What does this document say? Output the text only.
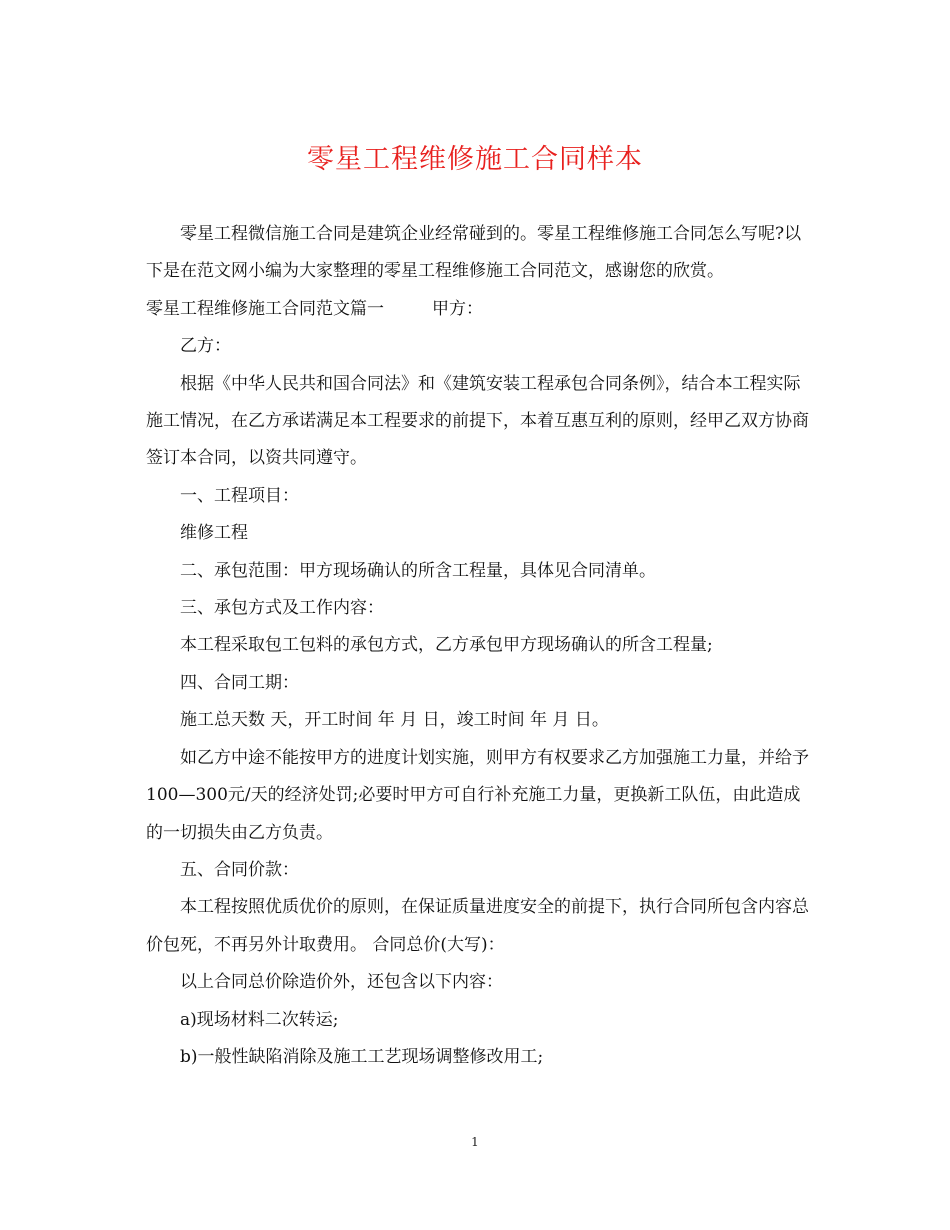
零星工程维修施工合同样本

零星工程微信施工合同是建筑企业经常碰到的。零星工程维修施工合同怎么写呢?以下是在范文网小编为大家整理的零星工程维修施工合同范文，感谢您的欣赏。

零星工程维修施工合同范文篇一	甲方：

乙方：

根据《中华人民共和国合同法》和《建筑安装工程承包合同条例》，结合本工程实际施工情况，在乙方承诺满足本工程要求的前提下，本着互惠互利的原则，经甲乙双方协商签订本合同，以资共同遵守。

一、工程项目：

维修工程

二、承包范围：甲方现场确认的所含工程量，具体见合同清单。

三、承包方式及工作内容：

本工程采取包工包料的承包方式，乙方承包甲方现场确认的所含工程量;

四、合同工期：

施工总天数 天，开工时间 年 月 日，竣工时间 年 月 日。

如乙方中途不能按甲方的进度计划实施，则甲方有权要求乙方加强施工力量，并给予100—300元/天的经济处罚;必要时甲方可自行补充施工力量，更换新工队伍，由此造成的一切损失由乙方负责。

五、合同价款：

本工程按照优质优价的原则，在保证质量进度安全的前提下，执行合同所包含内容总价包死，不再另外计取费用。 合同总价(大写)：

以上合同总价除造价外，还包含以下内容：

a)现场材料二次转运;

b)一般性缺陷消除及施工工艺现场调整修改用工;

1
